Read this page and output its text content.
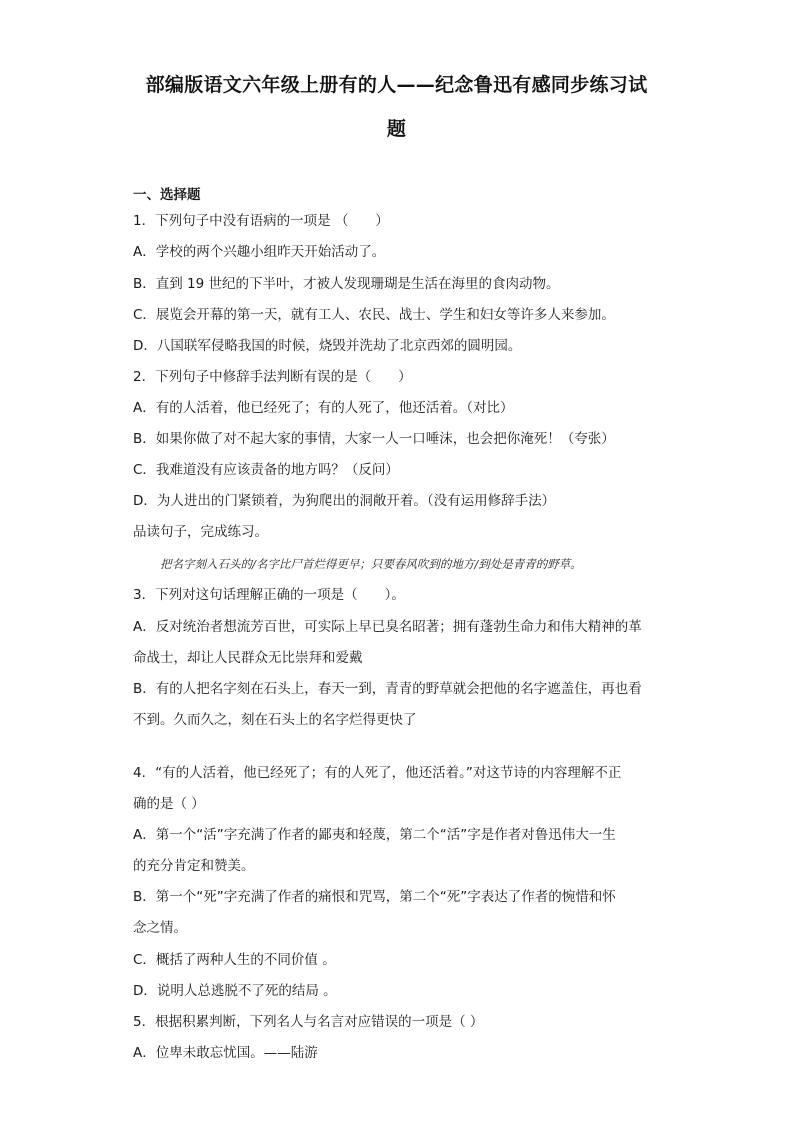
部编版语文六年级上册有的人——纪念鲁迅有感同步练习试
题
一、选择题
1．下列句子中没有语病的一项是 （　　）
A．学校的两个兴趣小组昨天开始活动了。
B．直到 19 世纪的下半叶，才被人发现珊瑚是生活在海里的食肉动物。
C．展览会开幕的第一天，就有工人、农民、战士、学生和妇女等许多人来参加。
D．八国联军侵略我国的时候，烧毁并洗劫了北京西郊的圆明园。
2．下列句子中修辞手法判断有误的是（　　）
A．有的人活着，他已经死了；有的人死了，他还活着。（对比）
B．如果你做了对不起大家的事情，大家一人一口唾沫，也会把你淹死！（夸张）
C．我难道没有应该责备的地方吗？（反问）
D．为人进出的门紧锁着，为狗爬出的洞敞开着。（没有运用修辞手法）
品读句子，完成练习。
把名字刻入石头的/名字比尸首烂得更早；只要春风吹到的地方/到处是青青的野草。
3．下列对这句话理解正确的一项是（　　）。
A．反对统治者想流芳百世，可实际上早已臭名昭著；拥有蓬勃生命力和伟大精神的革
命战士，却让人民群众无比崇拜和爱戴
B．有的人把名字刻在石头上，春天一到，青青的野草就会把他的名字遮盖住，再也看
不到。久而久之，刻在石头上的名字烂得更快了
4．“有的人活着，他已经死了；有的人死了，他还活着。”对这节诗的内容理解不正
确的是（ ）
A．第一个“活”字充满了作者的鄙夷和轻蔑，第二个“活”字是作者对鲁迅伟大一生
的充分肯定和赞美。
B．第一个“死”字充满了作者的痛恨和咒骂，第二个“死”字表达了作者的惋惜和怀
念之情。
C．概括了两种人生的不同价值 。
D．说明人总逃脱不了死的结局 。
5．根据积累判断，下列名人与名言对应错误的一项是（ ）
A．位卑未敢忘忧国。——陆游
